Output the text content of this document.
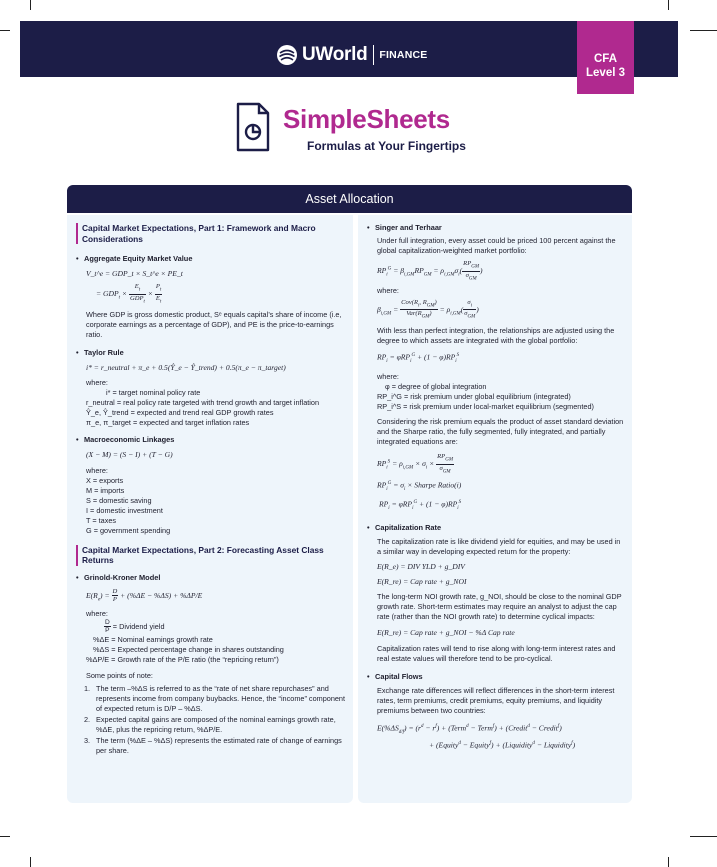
UWorld FINANCE	CFA
Level 3
SimpleSheets
Formulas at Your Fingertips
Asset Allocation
Capital Market Expectations, Part 1: Framework and Macro Considerations
• Aggregate Equity Market Value
V_t^e = GDP_t × S_t^e × PE_t
= $GDP_t \times \frac{E_t}{GDP_t} \times \frac{P_t}{E_t}$
Where GDP is gross domestic product, Sᵉ equals capital’s share of income (i.e, corporate earnings as a percentage of GDP), and PE is the price-to-earnings ratio.
• Taylor Rule
i* = r_neutral + π_e + 0.5(Ŷ_e − Ŷ_trend) + 0.5(π_e − π_target)
where:
i* = target nominal policy rate
r_neutral = real policy rate targeted with trend growth and target inflation
Ŷ_e, Ŷ_trend = expected and trend real GDP growth rates
π_e, π_target = expected and target inflation rates
• Macroeconomic Linkages
(X − M) = (S − I) + (T − G)
where:
X = exports
M = imports
S = domestic saving
I = domestic investment
T = taxes
G = government spending
Capital Market Expectations, Part 2: Forecasting Asset Class Returns
• Grinold-Kroner Model
$E(R_e) = \frac{D}{P} + (\%\Delta E - \%\Delta S) + \%\Delta P/E$
where:
$\frac{D}{P}$ = Dividend yield
%ΔE = Nominal earnings growth rate
%ΔS = Expected percentage change in shares outstanding
%ΔP/E = Growth rate of the P/E ratio (the “repricing return”)
Some points of note:
1. The term –%ΔS is referred to as the “rate of net share repurchases” and represents income from company buybacks. Hence, the “income” component of expected return is D/P – %ΔS.
2. Expected capital gains are composed of the nominal earnings growth rate, %ΔE, plus the repricing return, %ΔP/E.
3. The term (%ΔE – %ΔS) represents the estimated rate of change of earnings per share.
• Singer and Terhaar
Under full integration, every asset could be priced 100 percent against the global capitalization-weighted market portfolio:
$RP_i^G = \beta_{i,GM}RP_{GM} = \rho_{i,GM}\sigma_i( \frac{RP_{GM}}{\sigma_{GM}}$ )
where:
$\beta_{i,GM} = \frac{Cov(R_i, R_{GM})}{Var(R_{GM})} = \rho_{i,GM}( \frac{\sigma_i}{\sigma_{GM}}$ )
With less than perfect integration, the relationships are adjusted using the degree to which assets are integrated with the global portfolio:
$RP_i = \varphi RP_i^G + (1 - \varphi)RP_i^S$
where:
φ = degree of global integration
RP_i^G = risk premium under global equilibrium (integrated)
RP_i^S = risk premium under local-market equilibrium (segmented)
Considering the risk premium equals the product of asset standard deviation and the Sharpe ratio, the fully segmented, fully integrated, and partially integrated equations are:
$RP_i^S = \rho_{i,GM} \times \sigma_i \times \frac{RP_{GM}}{\sigma_{GM}}$
$RP_i^G = \sigma_i$ × Sharpe Ratio(i)
$RP_i = \varphi RP_i^G + (1 - \varphi)RP_i^S$
• Capitalization Rate
The capitalization rate is like dividend yield for equities, and may be used in a similar way in developing expected return for the property:
E(R_e) = DIV YLD + g_DIV
E(R_re) = Cap rate + g_NOI
The long-term NOI growth rate, g_NOI, should be close to the nominal GDP growth rate. Short-term estimates may require an analyst to adjust the cap rate (rather than the NOI growth rate) to determine cyclical impacts:
E(R_re) = Cap rate + g_NOI − %Δ Cap rate
Capitalization rates will tend to rise along with long-term interest rates and real estate values will therefore tend to be pro-cyclical.
• Capital Flows
Exchange rate differences will reflect differences in the short-term interest rates, term premiums, credit premiums, equity premiums, and liquidity premiums between two countries:
$E(\%\Delta S_{d/f}) = (r^d - r^f)$ + (Term$^d$ − Term$^f$) + (Credit$^d$ − Credit$^f$)
+ (Equity$^d$ − Equity$^f$) + (Liquidity$^d$ − Liquidity$^f$)
